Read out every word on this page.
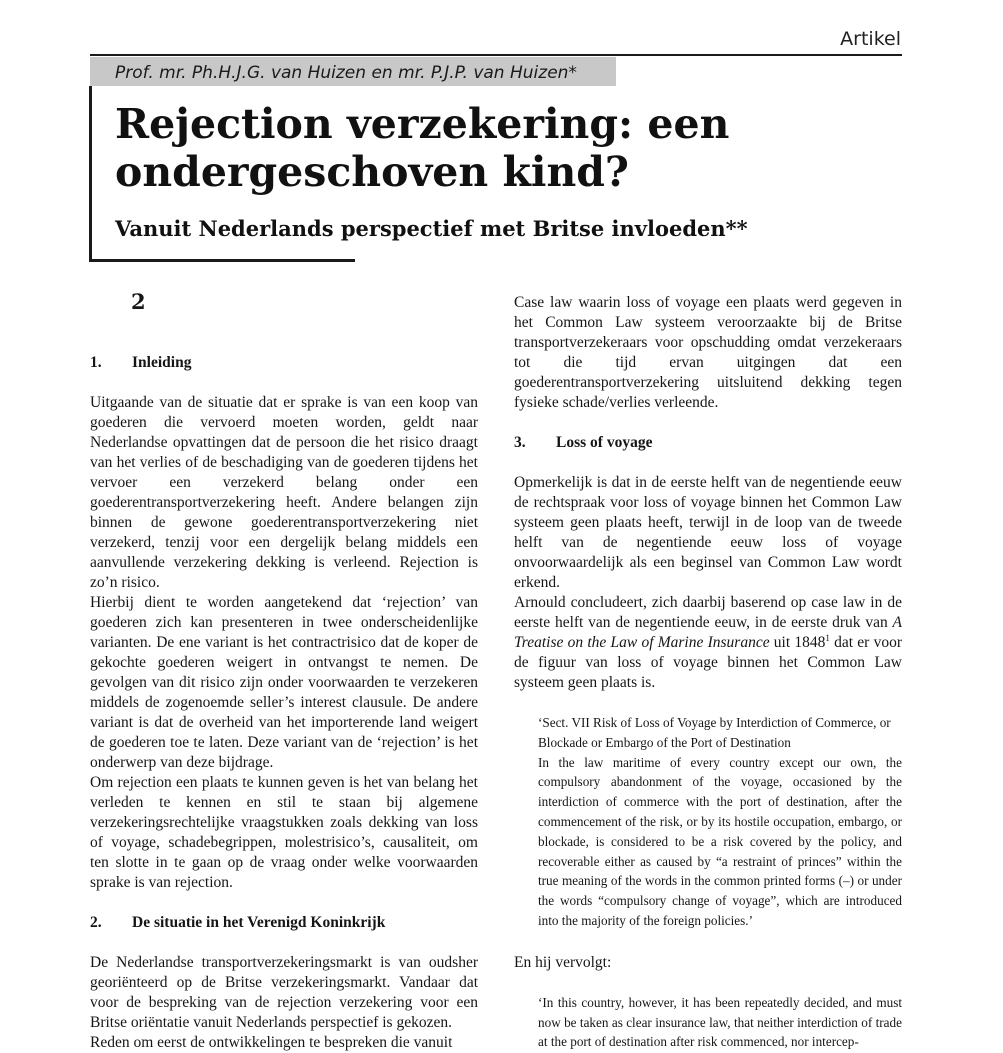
Artikel
Prof. mr. Ph.H.J.G. van Huizen en mr. P.J.P. van Huizen*
Rejection verzekering: een
ondergeschoven kind?
Vanuit Nederlands perspectief met Britse invloeden**
2
1. Inleiding

Uitgaande van de situatie dat er sprake is van een koop van goederen die vervoerd moeten worden, geldt naar Nederlandse opvattingen dat de persoon die het risico draagt van het verlies of de beschadiging van de goederen tijdens het vervoer een verzekerd belang onder een goederentransportverzekering heeft. Andere belangen zijn binnen de gewone goederentransportverzekering niet verzekerd, tenzij voor een dergelijk belang middels een aanvullende verzekering dekking is verleend. Rejection is zo’n risico.

Hierbij dient te worden aangetekend dat ‘rejection’ van goederen zich kan presenteren in twee onderscheidenlijke varianten. De ene variant is het contractrisico dat de koper de gekochte goederen weigert in ontvangst te nemen. De gevolgen van dit risico zijn onder voorwaarden te verzekeren middels de zogenoemde seller’s interest clausule. De andere variant is dat de overheid van het importerende land weigert de goederen toe te laten. Deze variant van de ‘rejection’ is het onderwerp van deze bijdrage.

Om rejection een plaats te kunnen geven is het van belang het verleden te kennen en stil te staan bij algemene verzekeringsrechtelijke vraagstukken zoals dekking van loss of voyage, schadebegrippen, molestrisico’s, causaliteit, om ten slotte in te gaan op de vraag onder welke voorwaarden sprake is van rejection.

2. De situatie in het Verenigd Koninkrijk

De Nederlandse transportverzekeringsmarkt is van oudsher georiënteerd op de Britse verzekeringsmarkt. Vandaar dat voor de bespreking van de rejection verzekering voor een Britse oriëntatie vanuit Nederlands perspectief is gekozen.

Reden om eerst de ontwikkelingen te bespreken die vanuit

Case law waarin loss of voyage een plaats werd gegeven in het Common Law systeem veroorzaakte bij de Britse transportverzekeraars voor opschudding omdat verzekeraars tot die tijd ervan uitgingen dat een goederentransportverzekering uitsluitend dekking tegen fysieke schade/verlies verleende.

3. Loss of voyage

Opmerkelijk is dat in de eerste helft van de negentiende eeuw de rechtspraak voor loss of voyage binnen het Common Law systeem geen plaats heeft, terwijl in de loop van de tweede helft van de negentiende eeuw loss of voyage onvoorwaardelijk als een beginsel van Common Law wordt erkend.

Arnould concludeert, zich daarbij baserend op case law in de eerste helft van de negentiende eeuw, in de eerste druk van A Treatise on the Law of Marine Insurance uit 1848$^1$ dat er voor de figuur van loss of voyage binnen het Common Law systeem geen plaats is.

‘Sect. VII Risk of Loss of Voyage by Interdiction of Commerce, or Blockade or Embargo of the Port of Destination

In the law maritime of every country except our own, the compulsory abandonment of the voyage, occasioned by the interdiction of commerce with the port of destination, after the commencement of the risk, or by its hostile occupation, embargo, or blockade, is considered to be a risk covered by the policy, and recoverable either as caused by “a restraint of princes” within the true meaning of the words in the common printed forms (–) or under the words “compulsory change of voyage”, which are introduced into the majority of the foreign policies.’

En hij vervolgt:

‘In this country, however, it has been repeatedly decided, and must now be taken as clear insurance law, that neither interdiction of trade at the port of destination after risk commenced, nor intercep-
